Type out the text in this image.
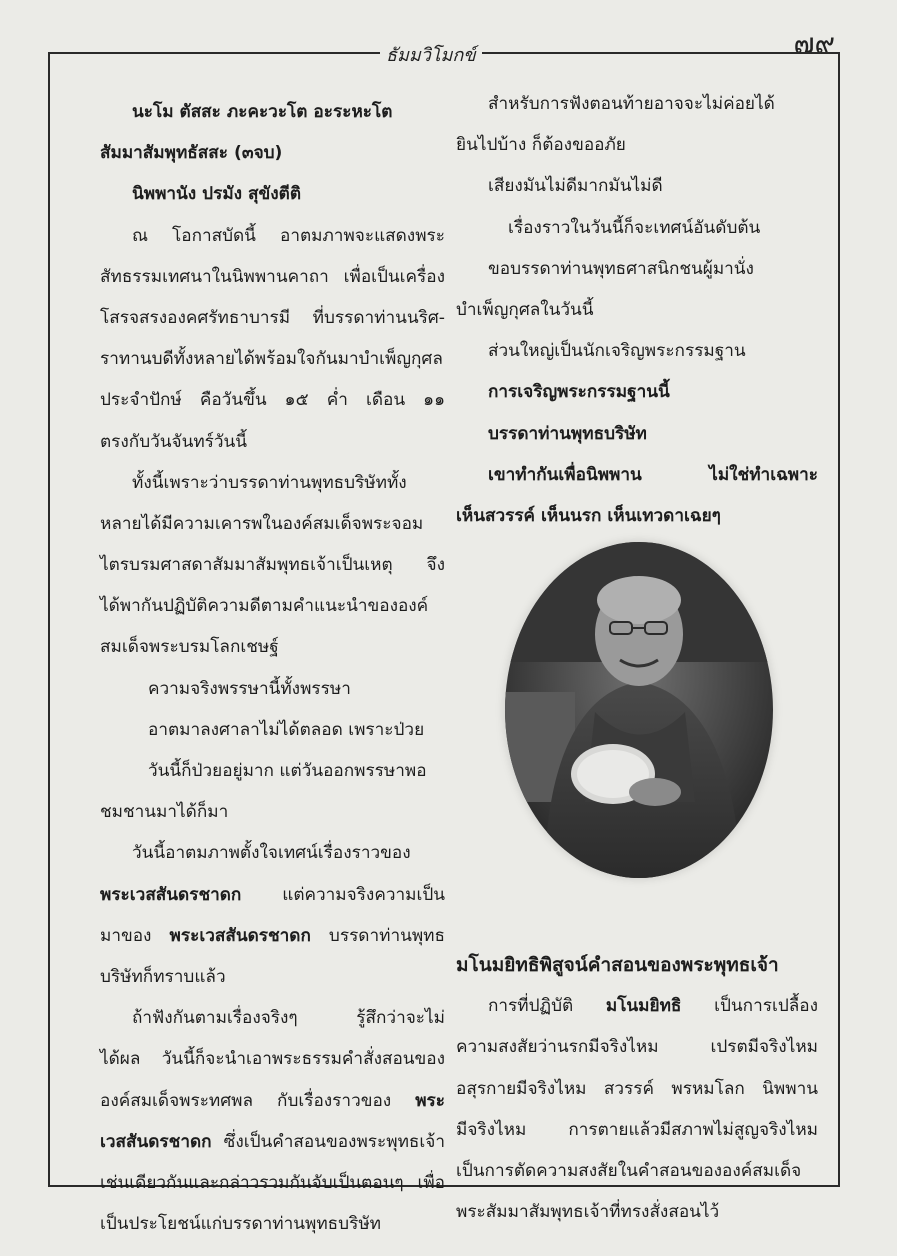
๗๙
ธัมมวิโมกข์
นะโม ตัสสะ ภะคะวะโต อะระหะโต
สัมมาสัมพุทธัสสะ (๓จบ)
นิพพานัง ปรมัง สุขังตีติ
ณ โอกาสบัดนี้ อาตมภาพจะแสดงพระ
สัทธรรมเทศนาในนิพพานคาถา เพื่อเป็นเครื่อง
โสรจสรงองคศรัทธาบารมี ที่บรรดาท่านนริศ-
ราทานบดีทั้งหลายได้พร้อมใจกันมาบำเพ็ญกุศล
ประจำปักษ์ คือวันขึ้น ๑๕ ค่ำ เดือน ๑๑
ตรงกับวันจันทร์วันนี้
ทั้งนี้เพราะว่าบรรดาท่านพุทธบริษัททั้ง
หลายได้มีความเคารพในองค์สมเด็จพระจอม
ไตรบรมศาสดาสัมมาสัมพุทธเจ้าเป็นเหตุ จึง
ได้พากันปฏิบัติความดีตามคำแนะนำขององค์
สมเด็จพระบรมโลกเชษฐ์
ความจริงพรรษานี้ทั้งพรรษา
อาตมาลงศาลาไม่ได้ตลอด เพราะป่วย
วันนี้ก็ป่วยอยู่มาก แต่วันออกพรรษาพอ
ชมชานมาได้ก็มา
วันนี้อาตมภาพตั้งใจเทศน์เรื่องราวของ
พระเวสสันดรชาดก แต่ความจริงความเป็น
มาของ พระเวสสันดรชาดก บรรดาท่านพุทธ
บริษัทก็ทราบแล้ว
ถ้าฟังกันตามเรื่องจริงๆ รู้สึกว่าจะไม่
ได้ผล วันนี้ก็จะนำเอาพระธรรมคำสั่งสอนของ
องค์สมเด็จพระทศพล กับเรื่องราวของ พระ
เวสสันดรชาดก ซึ่งเป็นคำสอนของพระพุทธเจ้า
เช่นเดียวกันและกล่าวรวมกันจับเป็นตอนๆ เพื่อ
เป็นประโยชน์แก่บรรดาท่านพุทธบริษัท
สำหรับการฟังตอนท้ายอาจจะไม่ค่อยได้
ยินไปบ้าง ก็ต้องขออภัย
เสียงมันไม่ดีมากมันไม่ดี
เรื่องราวในวันนี้ก็จะเทศน์อันดับต้น
ขอบรรดาท่านพุทธศาสนิกชนผู้มานั่ง
บำเพ็ญกุศลในวันนี้
ส่วนใหญ่เป็นนักเจริญพระกรรมฐาน
การเจริญพระกรรมฐานนี้
บรรดาท่านพุทธบริษัท
เขาทำกันเพื่อนิพพาน ไม่ใช่ทำเฉพาะ
เห็นสวรรค์ เห็นนรก เห็นเทวดาเฉยๆ
มโนมยิทธิพิสูจน์คำสอนของพระพุทธเจ้า
การที่ปฏิบัติ มโนมยิทธิ เป็นการเปลื้อง
ความสงสัยว่านรกมีจริงไหม เปรตมีจริงไหม
อสุรกายมีจริงไหม สวรรค์ พรหมโลก นิพพาน
มีจริงไหม การตายแล้วมีสภาพไม่สูญจริงไหม
เป็นการตัดความสงสัยในคำสอนขององค์สมเด็จ
พระสัมมาสัมพุทธเจ้าที่ทรงสั่งสอนไว้
